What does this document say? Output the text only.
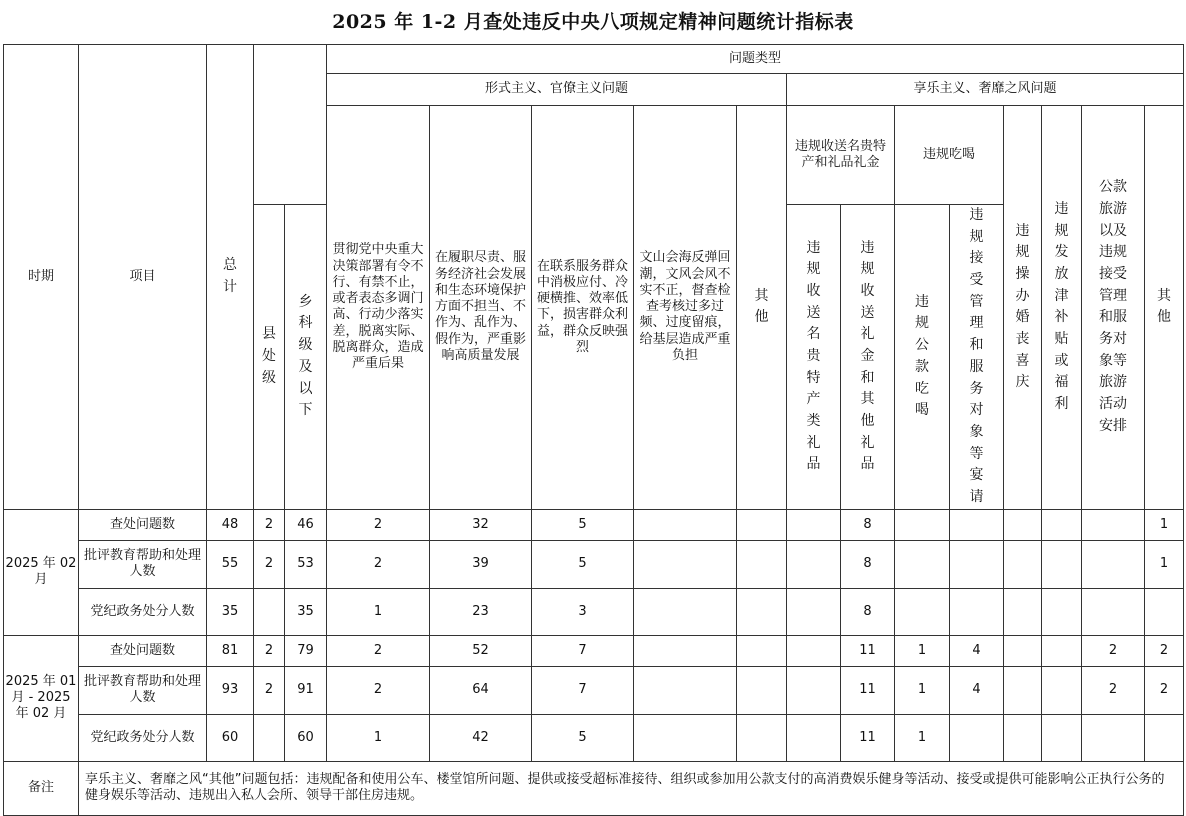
2025 年 1-2 月查处违反中央八项规定精神问题统计指标表
时期	项目	总计			问题类型												
					形式主义、官僚主义问题					享乐主义、奢靡之风问题							
					贯彻党中央重大决策部署有令不行、有禁不止，或者表态多调门高、行动少落实差，脱离实际、脱离群众，造成严重后果	在履职尽责、服务经济社会发展和生态环境保护方面不担当、不作为、乱作为、假作为，严重影响高质量发展	在联系服务群众中消极应付、冷硬横推、效率低下，损害群众利益，群众反映强烈	文山会海反弹回潮，文风会风不实不正，督查检查考核过多过频、过度留痕，给基层造成严重负担	其他	违规收送名贵特产和礼品礼金		违规吃喝		违规操办婚丧喜庆	违规发放津补贴或福利	公款旅游以及违规接受管理和服务对象等旅游活动安排	其他
			县处级	乡科级及以下						违规收送名贵特产类礼品	违规收送礼金和其他礼品	违规公款吃喝	违规接受管理和服务对象等宴请				
2025 年 02 月	查处问题数	48	2	46	2	32	5				8						1
	批评教育帮助和处理人数	55	2	53	2	39	5				8						1
	党纪政务处分人数	35		35	1	23	3				8						
2025 年 01 月 - 2025 年 02 月	查处问题数	81	2	79	2	52	7				11	1	4			2	2
	批评教育帮助和处理人数	93	2	91	2	64	7				11	1	4			2	2
	党纪政务处分人数	60		60	1	42	5				11	1					
备注	享乐主义、奢靡之风“其他”问题包括：违规配备和使用公车、楼堂馆所问题、提供或接受超标准接待、组织或参加用公款支付的高消费娱乐健身等活动、接受或提供可能影响公正执行公务的健身娱乐等活动、违规出入私人会所、领导干部住房违规。																
